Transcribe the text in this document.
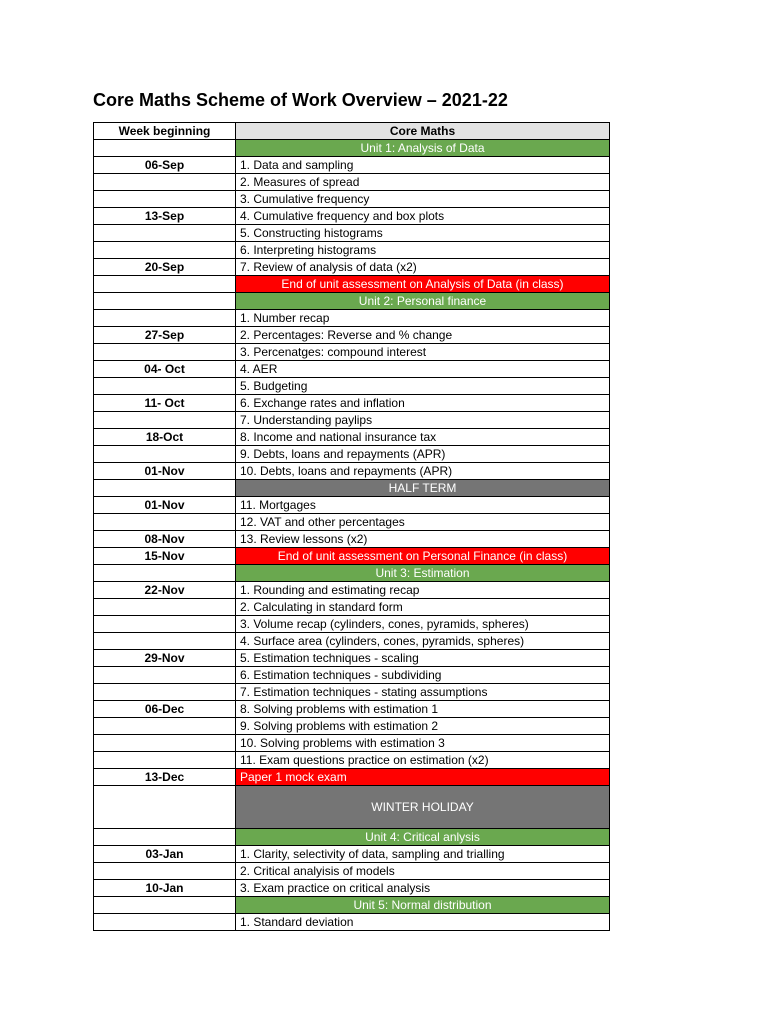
Core Maths Scheme of Work Overview – 2021-22
Week beginning	Core Maths
	Unit 1: Analysis of Data
06-Sep	1. Data and sampling
	2. Measures of spread
	3. Cumulative frequency
13-Sep	4. Cumulative frequency and box plots
	5. Constructing histograms
	6. Interpreting histograms
20-Sep	7. Review of analysis of data (x2)
	End of unit assessment on Analysis of Data (in class)
	Unit 2: Personal finance
	1. Number recap
27-Sep	2. Percentages: Reverse and % change
	3. Percenatges: compound interest
04- Oct	4. AER
	5. Budgeting
11- Oct	6. Exchange rates and inflation
	7. Understanding paylips
18-Oct	8. Income and national insurance tax
	9. Debts, loans and repayments (APR)
01-Nov	10. Debts, loans and repayments (APR)
	HALF TERM
01-Nov	11. Mortgages
	12. VAT and other percentages
08-Nov	13. Review lessons (x2)
15-Nov	End of unit assessment on Personal Finance (in class)
	Unit 3: Estimation
22-Nov	1. Rounding and estimating recap
	2. Calculating in standard form
	3. Volume recap (cylinders, cones, pyramids, spheres)
	4. Surface area (cylinders, cones, pyramids, spheres)
29-Nov	5. Estimation techniques - scaling
	6. Estimation techniques - subdividing
	7. Estimation techniques - stating assumptions
06-Dec	8. Solving problems with estimation 1
	9. Solving problems with estimation 2
	10. Solving problems with estimation 3
	11. Exam questions practice on estimation (x2)
13-Dec	Paper 1 mock exam
	WINTER HOLIDAY
	Unit 4: Critical anlysis
03-Jan	1. Clarity, selectivity of data, sampling and trialling
	2. Critical analyisis of models
10-Jan	3. Exam practice on critical analysis
	Unit 5: Normal distribution
	1. Standard deviation
